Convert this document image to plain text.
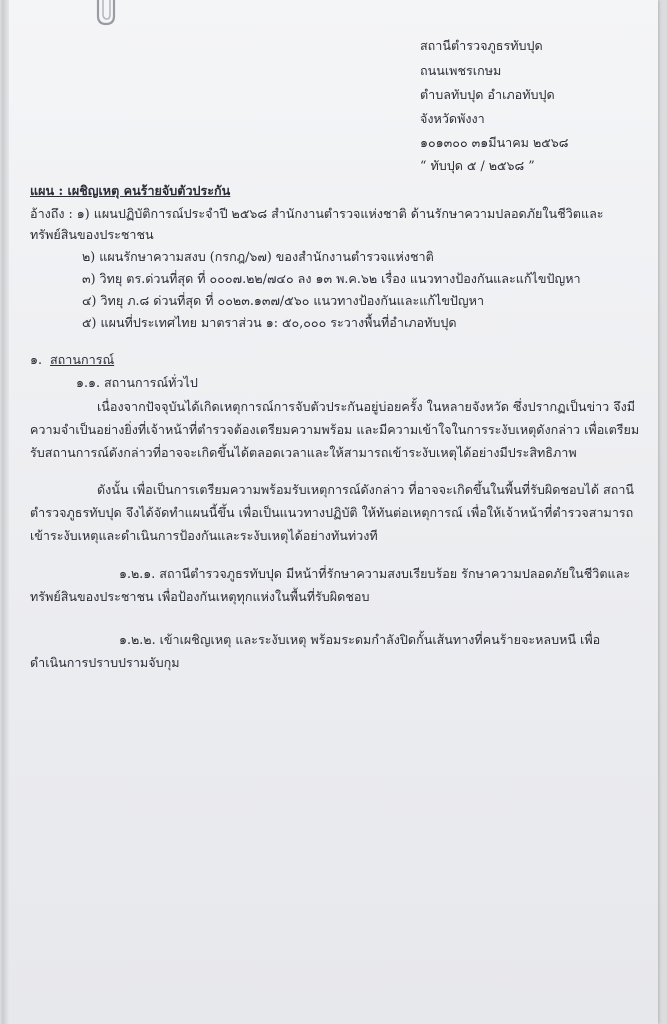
สถานีตำรวจภูธรทับปุด
ถนนเพชรเกษม
ตำบลทับปุด อำเภอทับปุด
จังหวัดพังงา
๑๐๑๓๐๐ ๓๑มีนาคม ๒๕๖๘
“ ทับปุด ๕ / ๒๕๖๘ ”
แผน : เผชิญเหตุ คนร้ายจับตัวประกัน
อ้างถึง : ๑) แผนปฏิบัติการณ์ประจำปี ๒๕๖๘ สำนักงานตำรวจแห่งชาติ ด้านรักษาความปลอดภัยในชีวิตและ
ทรัพย์สินของประชาชน
๒) แผนรักษาความสงบ (กรกฎ/๖๗) ของสำนักงานตำรวจแห่งชาติ
๓) วิทยุ ตร.ด่วนที่สุด ที่ ๐๐๐๗.๒๒/๗๔๐ ลง ๑๓ พ.ค.๖๒ เรื่อง แนวทางป้องกันและแก้ไขปัญหา
๔) วิทยุ ภ.๘ ด่วนที่สุด ที่ ๐๐๒๓.๑๓๗/๕๖๐ แนวทางป้องกันและแก้ไขปัญหา
๕) แผนที่ประเทศไทย มาตราส่วน ๑: ๕๐,๐๐๐ ระวางพื้นที่อำเภอทับปุด
๑. สถานการณ์
๑.๑. สถานการณ์ทั่วไป
เนื่องจากปัจจุบันได้เกิดเหตุการณ์การจับตัวประกันอยู่บ่อยครั้ง ในหลายจังหวัด ซึ่งปรากฏเป็นข่าว จึงมี
ความจำเป็นอย่างยิ่งที่เจ้าหน้าที่ตำรวจต้องเตรียมความพร้อม และมีความเข้าใจในการระงับเหตุดังกล่าว เพื่อเตรียม
รับสถานการณ์ดังกล่าวที่อาจจะเกิดขึ้นได้ตลอดเวลาและให้สามารถเข้าระงับเหตุได้อย่างมีประสิทธิภาพ
ดังนั้น เพื่อเป็นการเตรียมความพร้อมรับเหตุการณ์ดังกล่าว ที่อาจจะเกิดขึ้นในพื้นที่รับผิดชอบได้ สถานี
ตำรวจภูธรทับปุด จึงได้จัดทำแผนนี้ขึ้น เพื่อเป็นแนวทางปฏิบัติ ให้ทันต่อเหตุการณ์ เพื่อให้เจ้าหน้าที่ตำรวจสามารถ
เข้าระงับเหตุและดำเนินการป้องกันและระงับเหตุได้อย่างทันท่วงที
๑.๒.๑. สถานีตำรวจภูธรทับปุด มีหน้าที่รักษาความสงบเรียบร้อย รักษาความปลอดภัยในชีวิตและ
ทรัพย์สินของประชาชน เพื่อป้องกันเหตุทุกแห่งในพื้นที่รับผิดชอบ
๑.๒.๒. เข้าเผชิญเหตุ และระงับเหตุ พร้อมระดมกำลังปิดกั้นเส้นทางที่คนร้ายจะหลบหนี เพื่อ
ดำเนินการปราบปรามจับกุม
